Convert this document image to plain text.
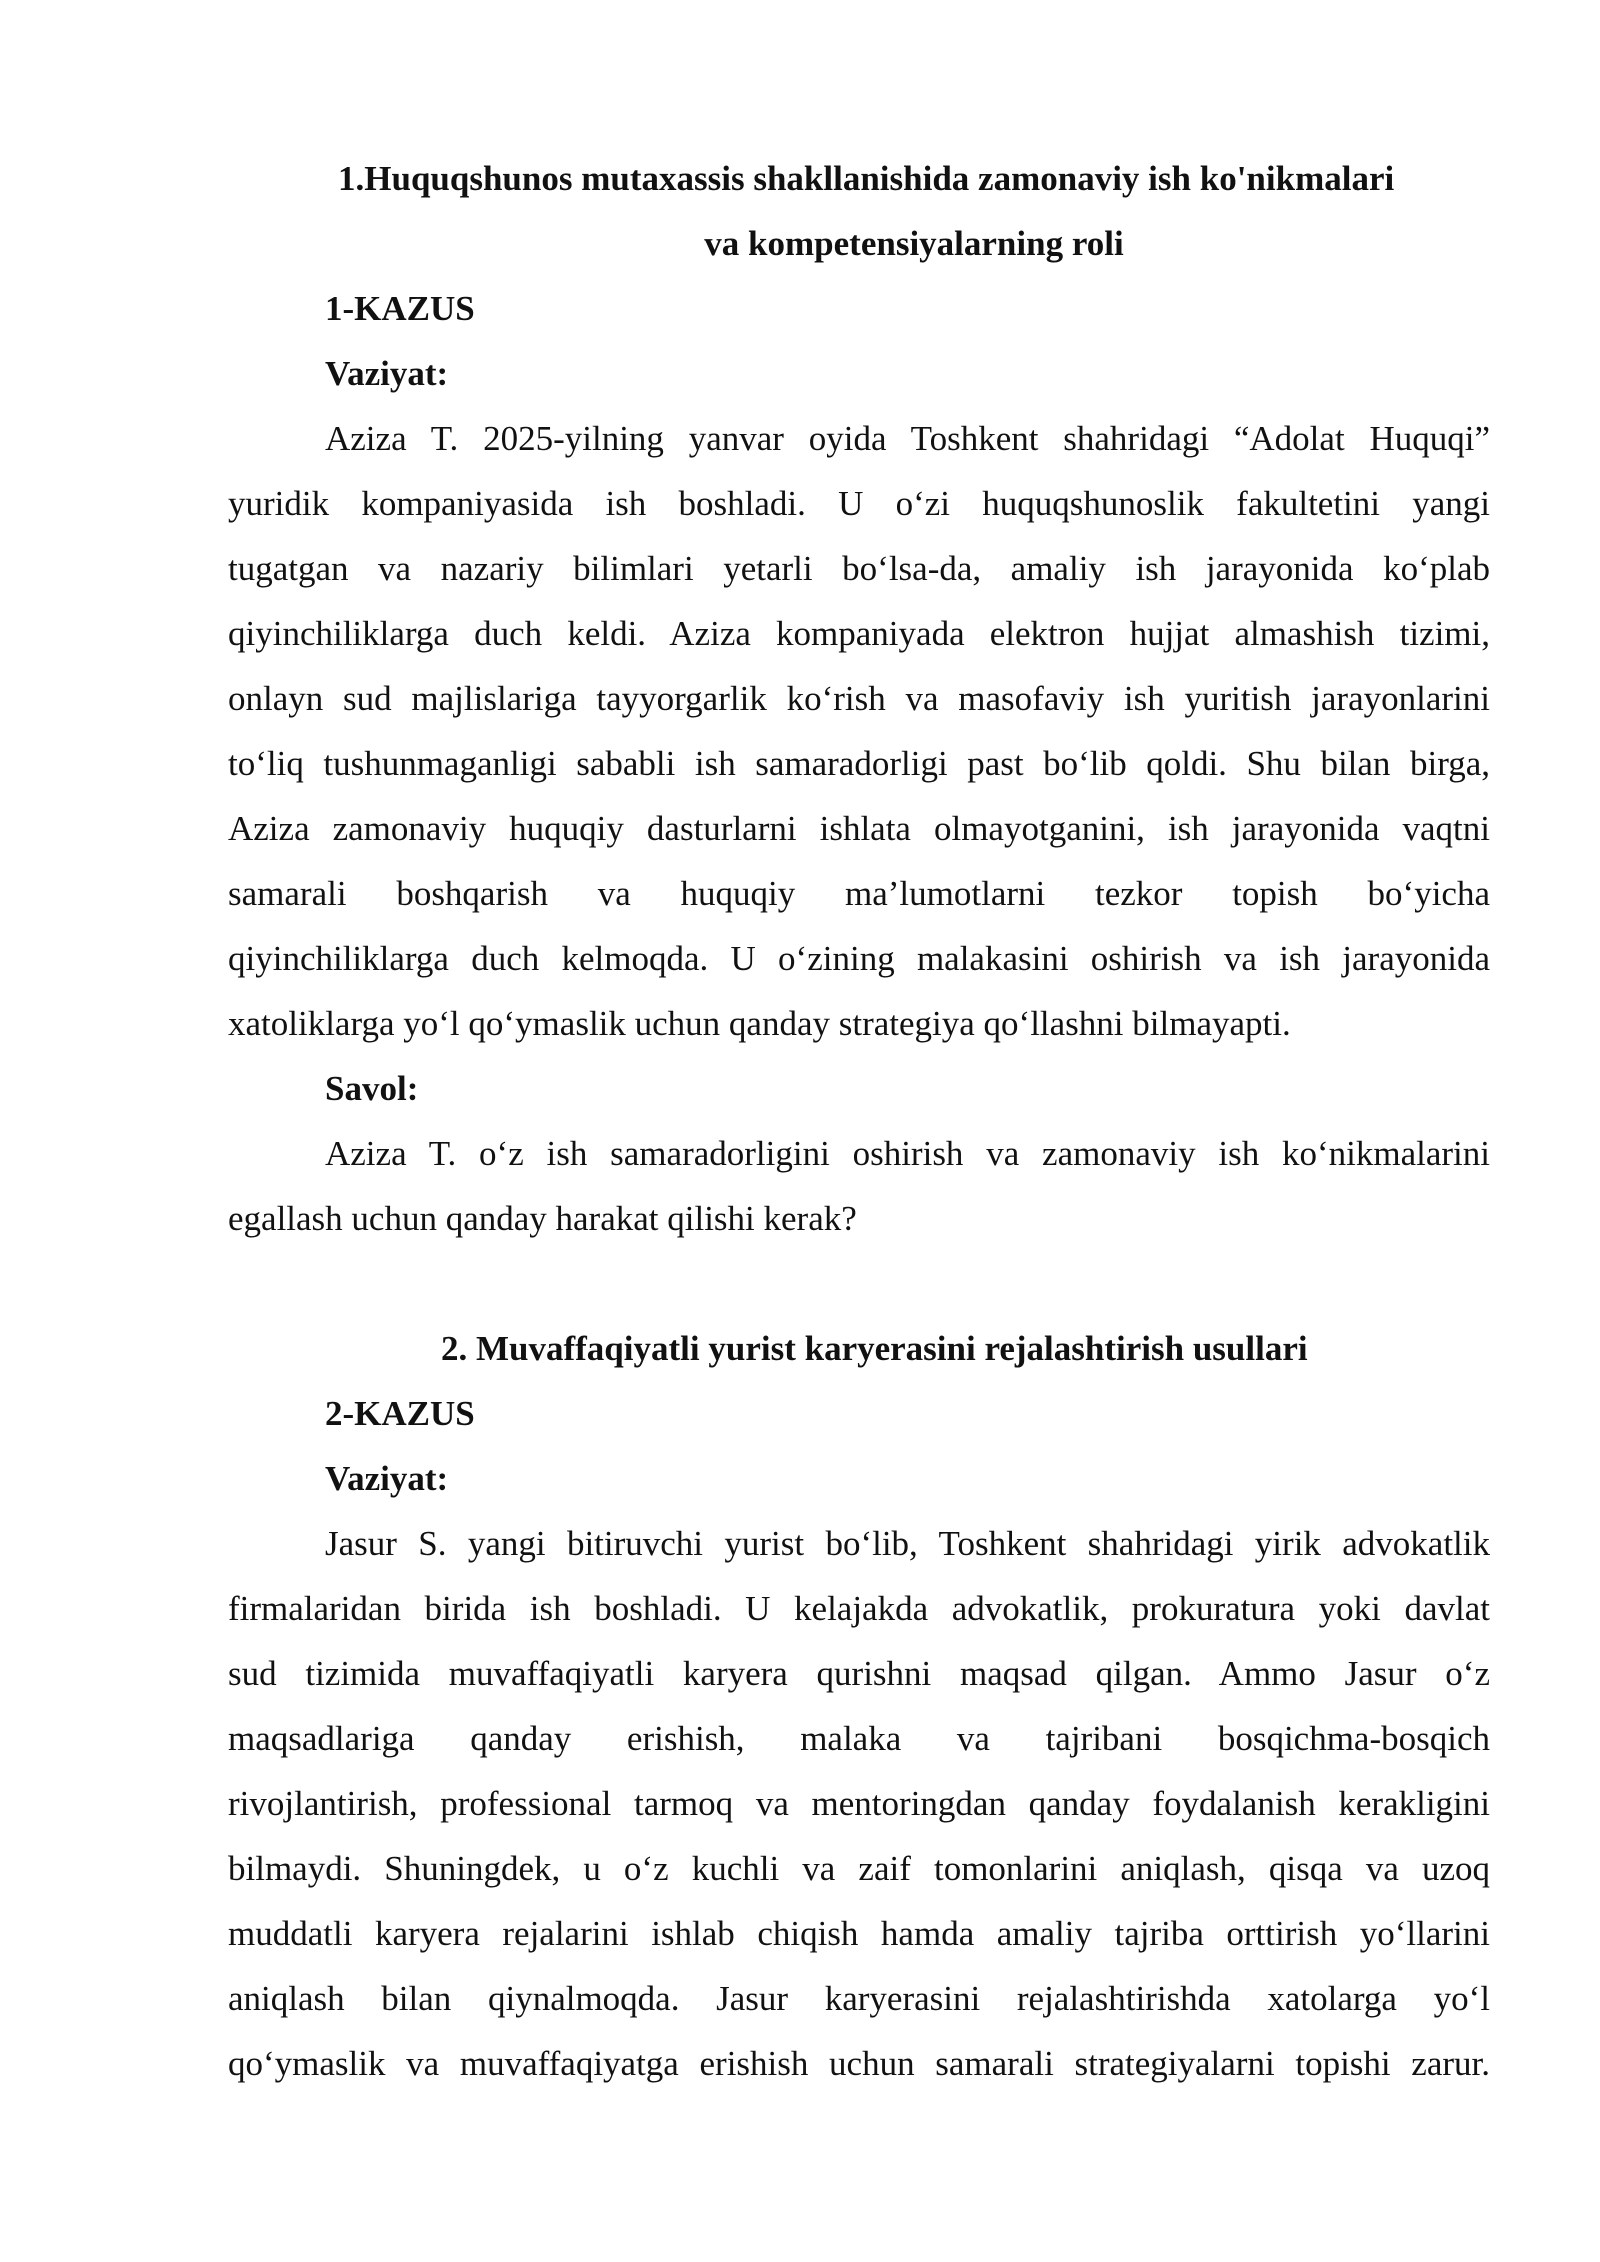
1.Huquqshunos mutaxassis shakllanishida zamonaviy ish ko'nikmalari

va kompetensiyalarning roli

1-KAZUS

Vaziyat:

Aziza T. 2025-yilning yanvar oyida Toshkent shahridagi “Adolat Huquqi”

yuridik kompaniyasida ish boshladi. U o‘zi huquqshunoslik fakultetini yangi

tugatgan va nazariy bilimlari yetarli bo‘lsa-da, amaliy ish jarayonida ko‘plab

qiyinchiliklarga duch keldi. Aziza kompaniyada elektron hujjat almashish tizimi,

onlayn sud majlislariga tayyorgarlik ko‘rish va masofaviy ish yuritish jarayonlarini

to‘liq tushunmaganligi sababli ish samaradorligi past bo‘lib qoldi. Shu bilan birga,

Aziza zamonaviy huquqiy dasturlarni ishlata olmayotganini, ish jarayonida vaqtni

samarali boshqarish va huquqiy ma’lumotlarni tezkor topish bo‘yicha

qiyinchiliklarga duch kelmoqda. U o‘zining malakasini oshirish va ish jarayonida

xatoliklarga yo‘l qo‘ymaslik uchun qanday strategiya qo‘llashni bilmayapti.

Savol:

Aziza T. o‘z ish samaradorligini oshirish va zamonaviy ish ko‘nikmalarini

egallash uchun qanday harakat qilishi kerak?

2. Muvaffaqiyatli yurist karyerasini rejalashtirish usullari

2-KAZUS

Vaziyat:

Jasur S. yangi bitiruvchi yurist bo‘lib, Toshkent shahridagi yirik advokatlik

firmalaridan birida ish boshladi. U kelajakda advokatlik, prokuratura yoki davlat

sud tizimida muvaffaqiyatli karyera qurishni maqsad qilgan. Ammo Jasur o‘z

maqsadlariga qanday erishish, malaka va tajribani bosqichma-bosqich

rivojlantirish, professional tarmoq va mentoringdan qanday foydalanish kerakligini

bilmaydi. Shuningdek, u o‘z kuchli va zaif tomonlarini aniqlash, qisqa va uzoq

muddatli karyera rejalarini ishlab chiqish hamda amaliy tajriba orttirish yo‘llarini

aniqlash bilan qiynalmoqda. Jasur karyerasini rejalashtirishda xatolarga yo‘l

qo‘ymaslik va muvaffaqiyatga erishish uchun samarali strategiyalarni topishi zarur.
